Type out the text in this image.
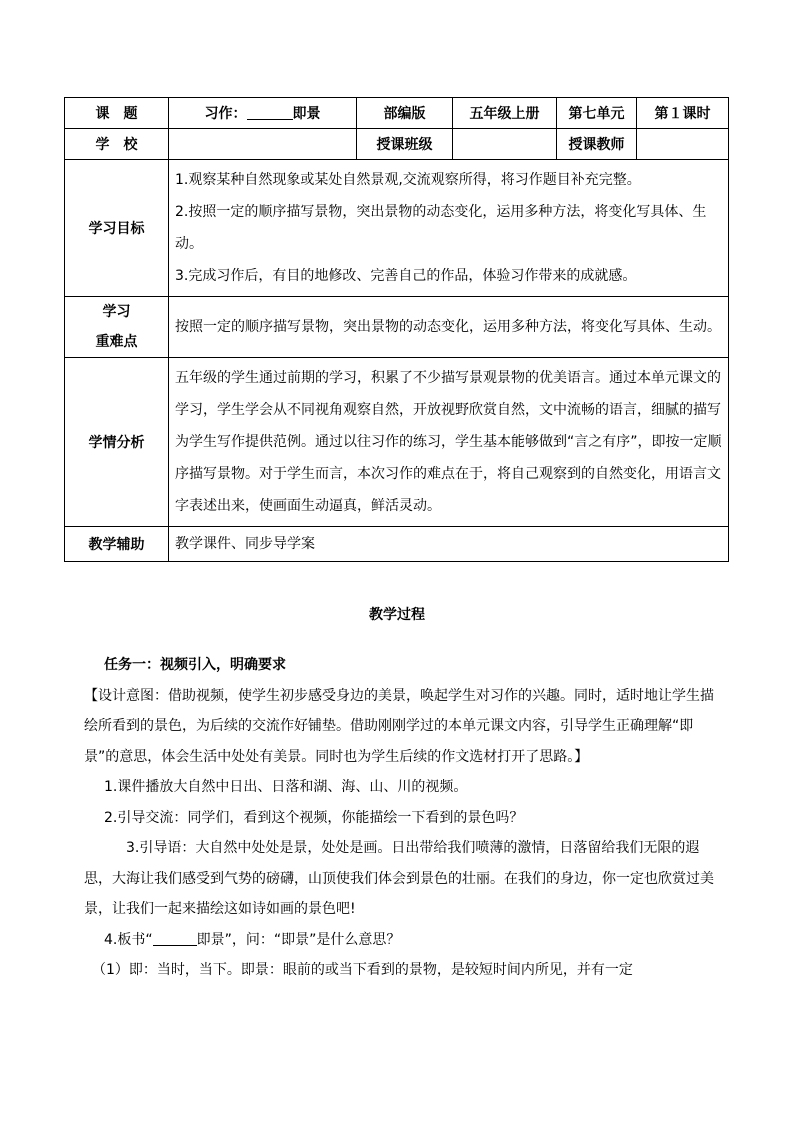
课　题	习作： 即景	部编版	五年级上册	第七单元	第１课时
学　校		授课班级		授课教师	
学习目标	1.观察某种自然现象或某处自然景观,交流观察所得，将习作题目补充完整。

2.按照一定的顺序描写景物，突出景物的动态变化，运用多种方法，将变化写具体、生动。

3.完成习作后，有目的地修改、完善自己的作品，体验习作带来的成就感。				

学习
重难点	按照一定的顺序描写景物，突出景物的动态变化，运用多种方法，将变化写具体、生动。				
学情分析	五年级的学生通过前期的学习，积累了不少描写景观景物的优美语言。通过本单元课文的学习，学生学会从不同视角观察自然，开放视野欣赏自然，文中流畅的语言，细腻的描写为学生写作提供范例。通过以往习作的练习，学生基本能够做到“言之有序”，即按一定顺序描写景物。对于学生而言，本次习作的难点在于，将自己观察到的自然变化，用语言文字表述出来，使画面生动逼真，鲜活灵动。				
教学辅助	教学课件、同步导学案				
教学过程

任务一：视频引入，明确要求

【设计意图：借助视频，使学生初步感受身边的美景，唤起学生对习作的兴趣。同时，适时地让学生描绘所看到的景色，为后续的交流作好铺垫。借助刚刚学过的本单元课文内容，引导学生正确理解“即景”的意思，体会生活中处处有美景。同时也为学生后续的作文选材打开了思路。】

1.课件播放大自然中日出、日落和湖、海、山、川的视频。

2.引导交流：同学们，看到这个视频，你能描绘一下看到的景色吗？

3.引导语：大自然中处处是景，处处是画。日出带给我们喷薄的激情，日落留给我们无限的遐思，大海让我们感受到气势的磅礴，山顶使我们体会到景色的壮丽。在我们的身边，你一定也欣赏过美景，让我们一起来描绘这如诗如画的景色吧!

4.板书“	即景”，问：“即景”是什么意思？

（1）即：当时，当下。即景：眼前的或当下看到的景物，是较短时间内所见，并有一定
